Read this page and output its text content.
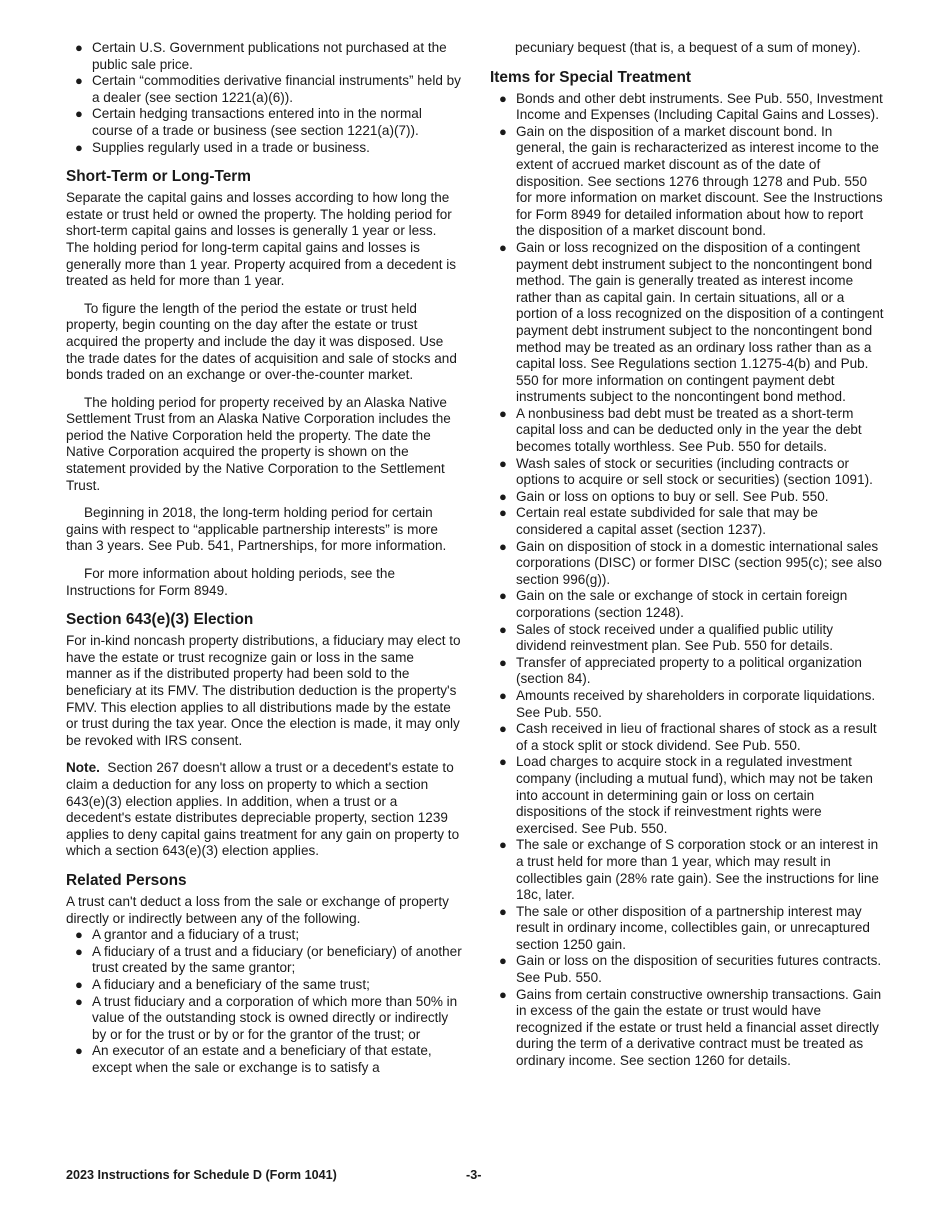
● Certain U.S. Government publications not purchased at the public sale price.
● Certain “commodities derivative financial instruments” held by a dealer (see section 1221(a)(6)).
● Certain hedging transactions entered into in the normal course of a trade or business (see section 1221(a)(7)).
● Supplies regularly used in a trade or business.
Short-Term or Long-Term

Separate the capital gains and losses according to how long the estate or trust held or owned the property. The holding period for short-term capital gains and losses is generally 1 year or less. The holding period for long-term capital gains and losses is generally more than 1 year. Property acquired from a decedent is treated as held for more than 1 year.

To figure the length of the period the estate or trust held property, begin counting on the day after the estate or trust acquired the property and include the day it was disposed. Use the trade dates for the dates of acquisition and sale of stocks and bonds traded on an exchange or over-the-counter market.

The holding period for property received by an Alaska Native Settlement Trust from an Alaska Native Corporation includes the period the Native Corporation held the property. The date the Native Corporation acquired the property is shown on the statement provided by the Native Corporation to the Settlement Trust.

Beginning in 2018, the long-term holding period for certain gains with respect to “applicable partnership interests” is more than 3 years. See Pub. 541, Partnerships, for more information.

For more information about holding periods, see the Instructions for Form 8949.

Section 643(e)(3) Election

For in-kind noncash property distributions, a fiduciary may elect to have the estate or trust recognize gain or loss in the same manner as if the distributed property had been sold to the beneficiary at its FMV. The distribution deduction is the property's FMV. This election applies to all distributions made by the estate or trust during the tax year. Once the election is made, it may only be revoked with IRS consent.

Note. Section 267 doesn't allow a trust or a decedent's estate to claim a deduction for any loss on property to which a section 643(e)(3) election applies. In addition, when a trust or a decedent's estate distributes depreciable property, section 1239 applies to deny capital gains treatment for any gain on property to which a section 643(e)(3) election applies.

Related Persons

A trust can't deduct a loss from the sale or exchange of property directly or indirectly between any of the following.

● A grantor and a fiduciary of a trust;
● A fiduciary of a trust and a fiduciary (or beneficiary) of another trust created by the same grantor;
● A fiduciary and a beneficiary of the same trust;
● A trust fiduciary and a corporation of which more than 50% in value of the outstanding stock is owned directly or indirectly by or for the trust or by or for the grantor of the trust; or
● An executor of an estate and a beneficiary of that estate, except when the sale or exchange is to satisfy a

pecuniary bequest (that is, a bequest of a sum of money).

Items for Special Treatment
● Bonds and other debt instruments. See Pub. 550, Investment Income and Expenses (Including Capital Gains and Losses).
● Gain on the disposition of a market discount bond. In general, the gain is recharacterized as interest income to the extent of accrued market discount as of the date of disposition. See sections 1276 through 1278 and Pub. 550 for more information on market discount. See the Instructions for Form 8949 for detailed information about how to report the disposition of a market discount bond.
● Gain or loss recognized on the disposition of a contingent payment debt instrument subject to the noncontingent bond method. The gain is generally treated as interest income rather than as capital gain. In certain situations, all or a portion of a loss recognized on the disposition of a contingent payment debt instrument subject to the noncontingent bond method may be treated as an ordinary loss rather than as a capital loss. See Regulations section 1.1275-4(b) and Pub. 550 for more information on contingent payment debt instruments subject to the noncontingent bond method.
● A nonbusiness bad debt must be treated as a short-term capital loss and can be deducted only in the year the debt becomes totally worthless. See Pub. 550 for details.
● Wash sales of stock or securities (including contracts or options to acquire or sell stock or securities) (section 1091).
● Gain or loss on options to buy or sell. See Pub. 550.
● Certain real estate subdivided for sale that may be considered a capital asset (section 1237).
● Gain on disposition of stock in a domestic international sales corporations (DISC) or former DISC (section 995(c); see also section 996(g)).
● Gain on the sale or exchange of stock in certain foreign corporations (section 1248).
● Sales of stock received under a qualified public utility dividend reinvestment plan. See Pub. 550 for details.
● Transfer of appreciated property to a political organization (section 84).
● Amounts received by shareholders in corporate liquidations. See Pub. 550.
● Cash received in lieu of fractional shares of stock as a result of a stock split or stock dividend. See Pub. 550.
● Load charges to acquire stock in a regulated investment company (including a mutual fund), which may not be taken into account in determining gain or loss on certain dispositions of the stock if reinvestment rights were exercised. See Pub. 550.
● The sale or exchange of S corporation stock or an interest in a trust held for more than 1 year, which may result in collectibles gain (28% rate gain). See the instructions for line 18c, later.
● The sale or other disposition of a partnership interest may result in ordinary income, collectibles gain, or unrecaptured section 1250 gain.
● Gain or loss on the disposition of securities futures contracts. See Pub. 550.
● Gains from certain constructive ownership transactions. Gain in excess of the gain the estate or trust would have recognized if the estate or trust held a financial asset directly during the term of a derivative contract must be treated as ordinary income. See section 1260 for details.
2023 Instructions for Schedule D (Form 1041)	-3-
